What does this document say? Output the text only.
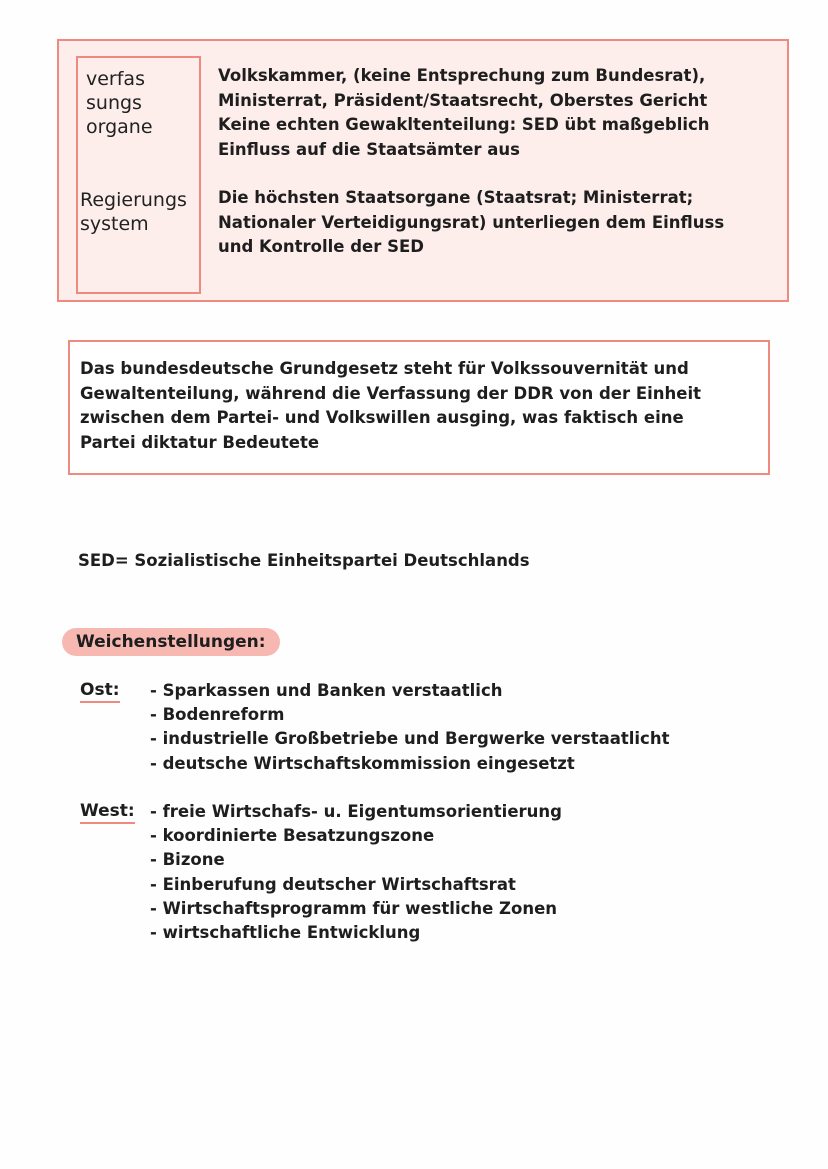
verfas
sungs
organe
Volkskammer, (keine Entsprechung zum Bundesrat),
Ministerrat, Präsident/Staatsrecht, Oberstes Gericht
Keine echten Gewakltenteilung: SED übt maßgeblich
Einfluss auf die Staatsämter aus
Regierungs
system
Die höchsten Staatsorgane (Staatsrat; Ministerrat;
Nationaler Verteidigungsrat) unterliegen dem Einfluss
und Kontrolle der SED
Das bundesdeutsche Grundgesetz steht für Volkssouvernität und
Gewaltenteilung, während die Verfassung der DDR von der Einheit
zwischen dem Partei- und Volkswillen ausging, was faktisch eine
Partei diktatur Bedeutete
SED= Sozialistische Einheitspartei Deutschlands
Weichenstellungen:
Ost: - Sparkassen und Banken verstaatlich
- Bodenreform
- industrielle Großbetriebe und Bergwerke verstaatlicht
- deutsche Wirtschaftskommission eingesetzt
West: - freie Wirtschafs- u. Eigentumsorientierung
- koordinierte Besatzungszone
- Bizone
- Einberufung deutscher Wirtschaftsrat
- Wirtschaftsprogramm für westliche Zonen
- wirtschaftliche Entwicklung
